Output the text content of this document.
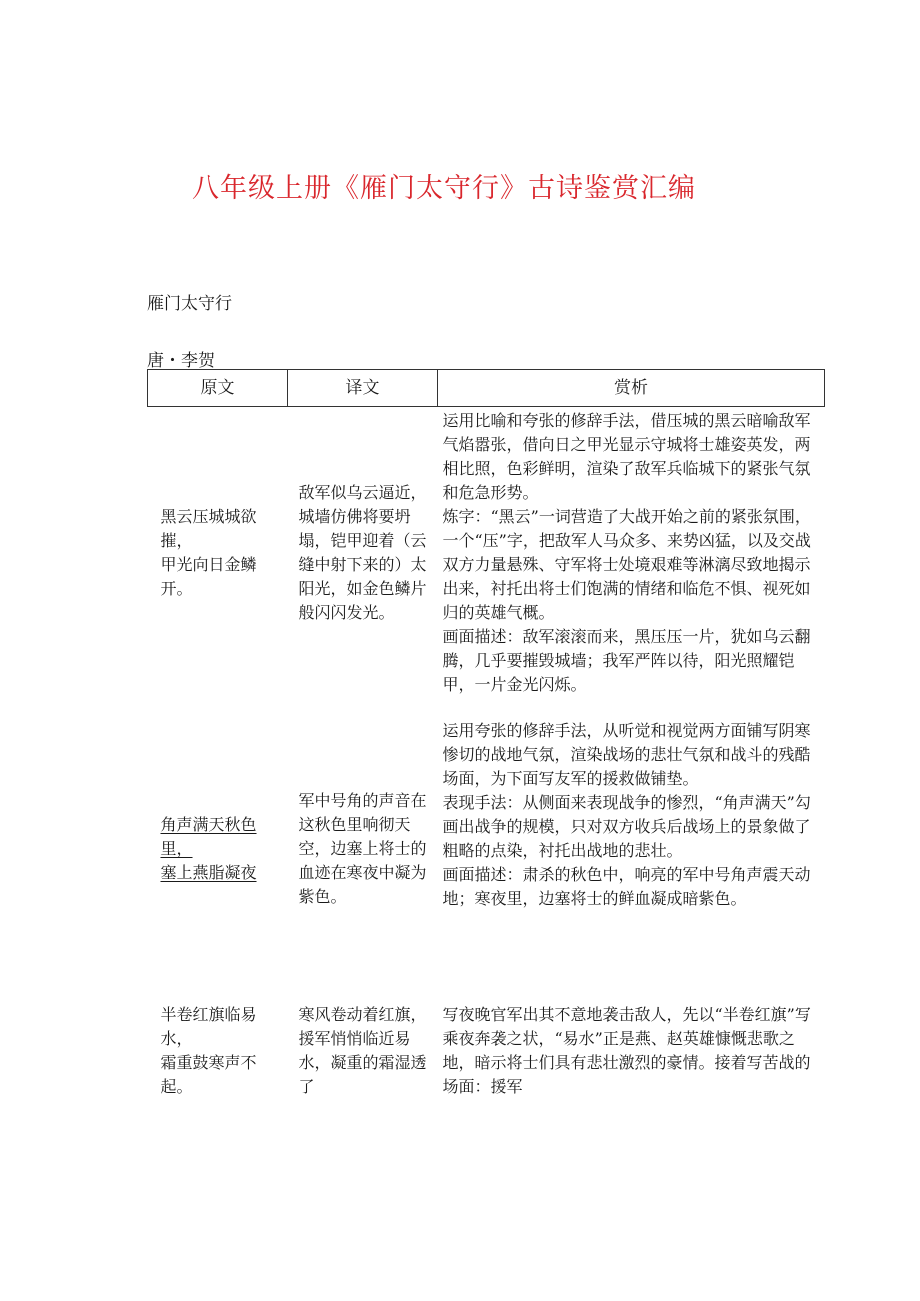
八年级上册《雁门太守行》古诗鉴赏汇编
雁门太守行
唐・李贺
原文	译文	赏析

黑云压城城欲摧，
甲光向日金鳞开。	敌军似乌云逼近，城墙仿佛将要坍塌，铠甲迎着（云缝中射下来的）太阳光，如金色鳞片般闪闪发光。	运用比喻和夸张的修辞手法，借压城的黑云暗喻敌军气焰嚣张，借向日之甲光显示守城将士雄姿英发，两相比照，色彩鲜明，渲染了敌军兵临城下的紧张气氛和危急形势。
炼字：“黑云”一词营造了大战开始之前的紧张氛围，一个“压”字，把敌军人马众多、来势凶猛，以及交战双方力量悬殊、守军将士处境艰难等淋漓尽致地揭示出来，衬托出将士们饱满的情绪和临危不惧、视死如归的英雄气概。
画面描述：敌军滚滚而来，黑压压一片，犹如乌云翻腾，几乎要摧毁城墙；我军严阵以待，阳光照耀铠甲，一片金光闪烁。

角声满天秋色里，
塞上燕脂凝夜	军中号角的声音在这秋色里响彻天空，边塞上将士的血迹在寒夜中凝为紫色。	运用夸张的修辞手法，从听觉和视觉两方面铺写阴寒惨切的战地气氛，渲染战场的悲壮气氛和战斗的残酷场面，为下面写友军的援救做铺垫。
表现手法：从侧面来表现战争的惨烈，“角声满天”勾画出战争的规模，只对双方收兵后战场上的景象做了粗略的点染，衬托出战地的悲壮。
画面描述：肃杀的秋色中，响亮的军中号角声震天动地；寒夜里，边塞将士的鲜血凝成暗紫色。

半卷红旗临易水，
霜重鼓寒声不起。	寒风卷动着红旗，援军悄悄临近易水，凝重的霜湿透了	写夜晚官军出其不意地袭击敌人，先以“半卷红旗”写乘夜奔袭之状，“易水”正是燕、赵英雄慷慨悲歌之地，暗示将士们具有悲壮激烈的豪情。接着写苦战的场面：援军
